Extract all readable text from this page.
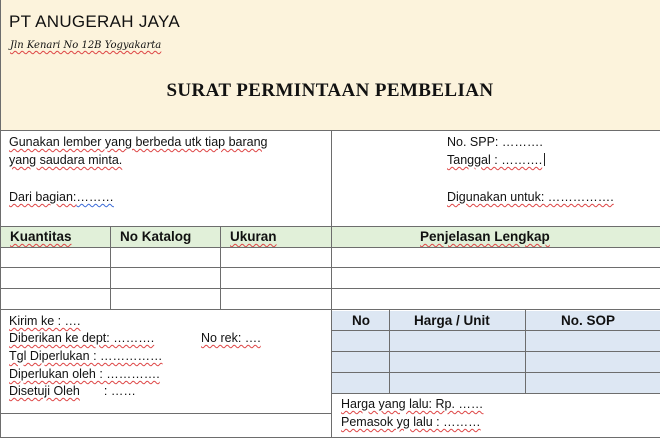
PT ANUGERAH JAYA
Jln Kenari No 12B Yogyakarta
SURAT PERMINTAAN PEMBELIAN
Gunakan lember yang berbeda utk tiap barang
yang saudara minta.
Dari bagian:………
No. SPP: ……….
Tanggal : ……….
Digunakan untuk: …………….
Kuantitas	No Katalog	Ukuran	Penjelasan Lengkap
Kirim ke : ….
Diberikan ke dept: ……….	No rek: ….
Tgl Diperlukan : ……………
Diperlukan oleh : ………….
Disetuji Oleh : ……
No	Harga / Unit	No. SOP
Harga yang lalu: Rp. ……
Pemasok yg lalu : ………
